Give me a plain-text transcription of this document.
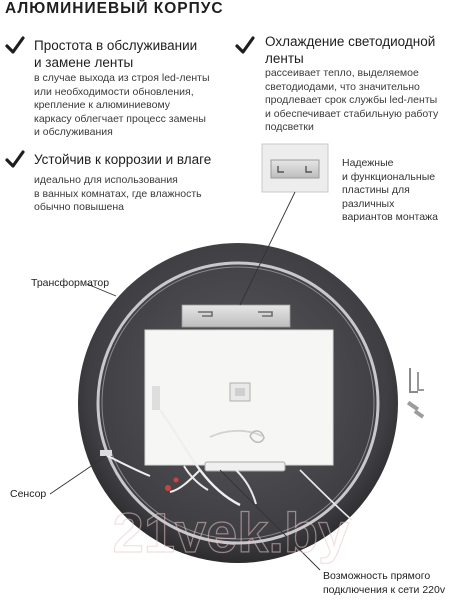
АЛЮМИНИЕВЫЙ КОРПУС
Простота в обслуживании
и замене ленты
в случае выхода из строя led-ленты
или необходимости обновления,
крепление к алюминиевому
каркасу облегчает процесс замены
и обслуживания
Охлаждение светодиодной
ленты
рассеивает тепло, выделяемое
светодиодами, что значительно
продлевает срок службы led-ленты
и обеспечивает стабильную работу
подсветки
Устойчив к коррозии и влаге
идеально для использования
в ванных комнатах, где влажность
обычно повышена
21vek.by
Надежные
и функциональные
пластины для различных
вариантов монтажа
Трансформатор
Сенсор
Возможность прямого
подключения к сети 220v
